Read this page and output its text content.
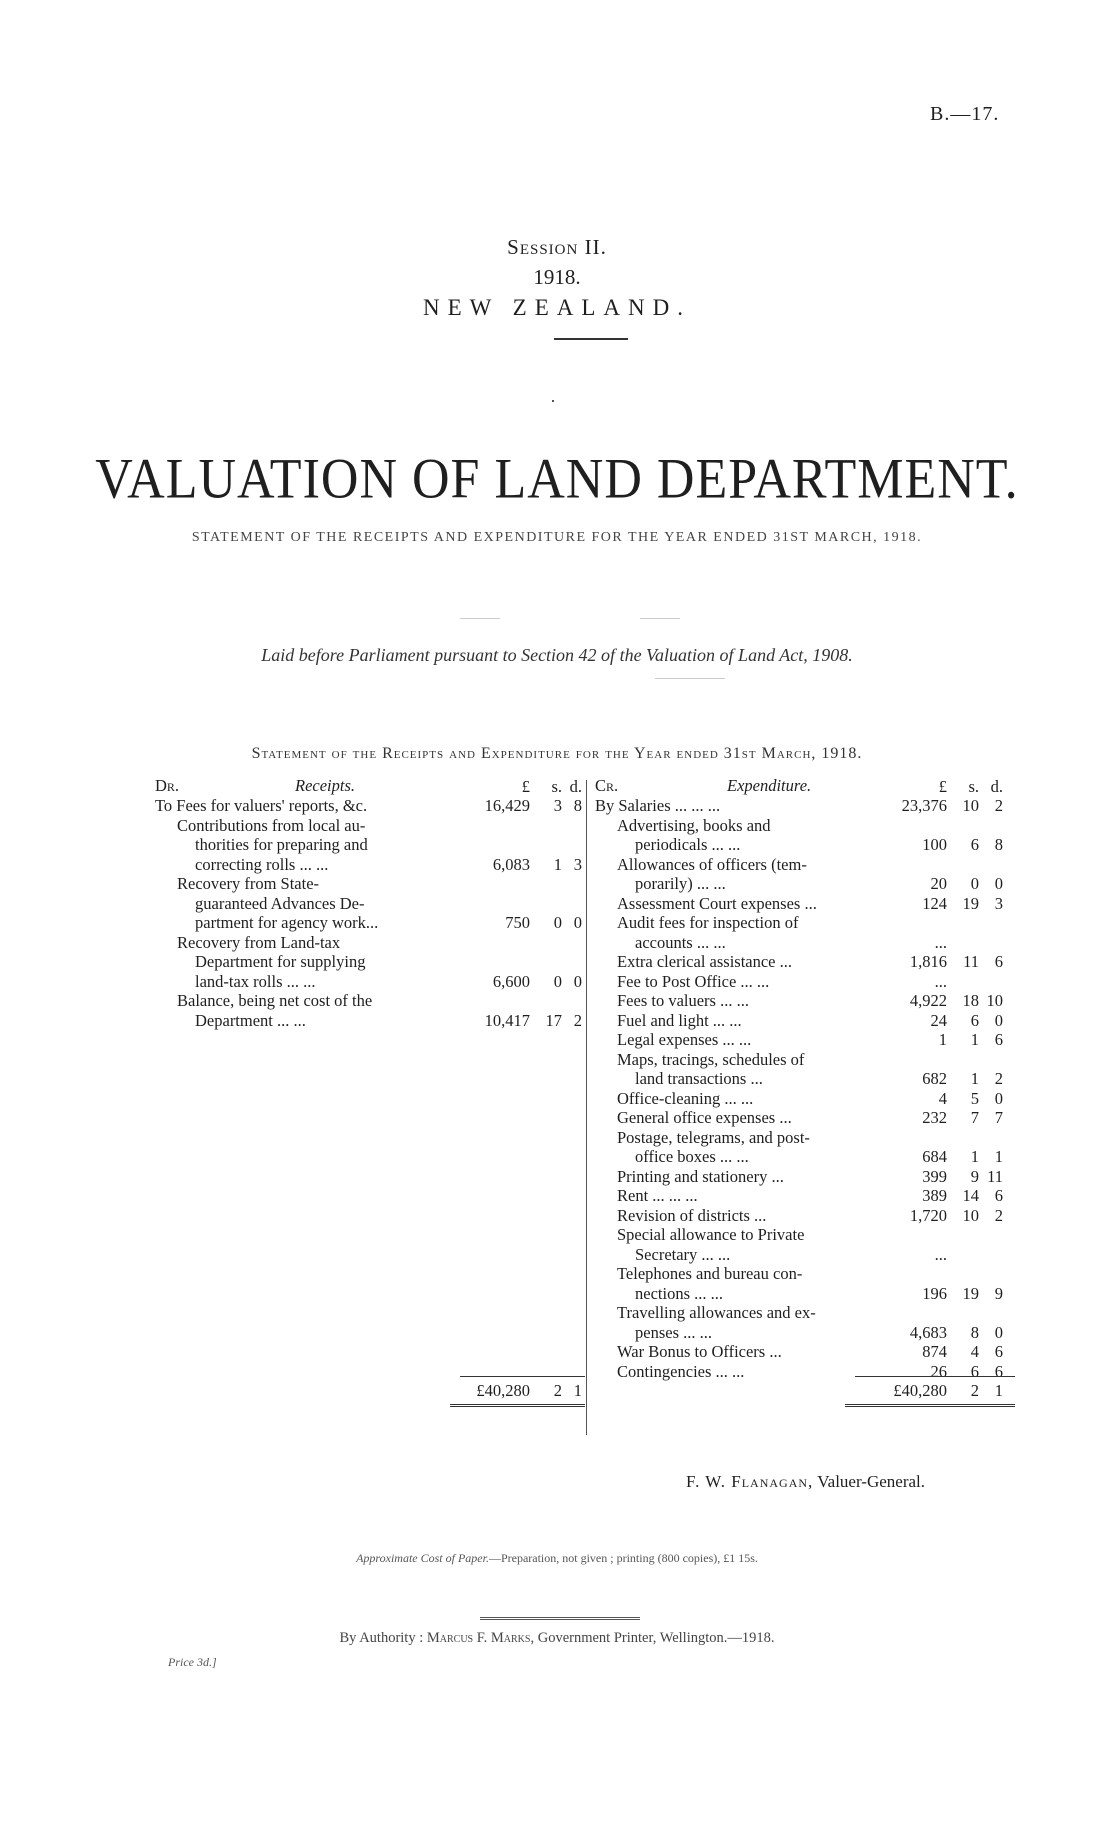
B.—17.
Session II.
1918.
NEW ZEALAND.
VALUATION OF LAND DEPARTMENT.
STATEMENT OF THE RECEIPTS AND EXPENDITURE FOR THE YEAR ENDED 31ST MARCH, 1918.
Laid before Parliament pursuant to Section 42 of the Valuation of Land Act, 1908.
Statement of the Receipts and Expenditure for the Year ended 31st March, 1918.
Dr.	Receipts.	£	s. d.
To Fees for valuers' reports, &c.	16,429	3 8
Contributions from local au-
thorities for preparing and
correcting rolls ... ...	6,083	1 3
Recovery from State-
guaranteed Advances De-
partment for agency work...	750	0 0
Recovery from Land-tax
Department for supplying
land-tax rolls ... ...	6,600	0 0
Balance, being net cost of the
Department ... ...	10,417 17 2
Cr.	Expenditure.	£	s. d.
By Salaries ... ... ...	23,376 10 2
Advertising, books and
periodicals ... ...	100	6 8
Allowances of officers (tem-
porarily) ... ...	20	0 0
Assessment Court expenses ...	124 19 3
Audit fees for inspection of
accounts ... ...	...
Extra clerical assistance ...	1,816 11 6
Fee to Post Office ... ...	...
Fees to valuers ... ...	4,922 18 10
Fuel and light ... ...	24	6 0
Legal expenses ... ...	1	1 6
Maps, tracings, schedules of
land transactions ...	682	1 2
Office-cleaning ... ...	4	5 0
General office expenses ...	232	7 7
Postage, telegrams, and post-
office boxes ... ...	684	1 1
Printing and stationery ...	399	9 11
Rent ... ... ...	389 14 6
Revision of districts ...	1,720 10 2
Special allowance to Private
Secretary ... ...	...
Telephones and bureau con-
nections ... ...	196 19 9
Travelling allowances and ex-
penses ... ...	4,683	8 0
War Bonus to Officers ...	874	4 6
Contingencies ... ...	26	6 6
£40,280	2 1	£40,280	2 1
F. W. Flanagan, Valuer-General.
Approximate Cost of Paper.—Preparation, not given ; printing (800 copies), £1 15s.
By Authority : Marcus F. Marks, Government Printer, Wellington.—1918.
Price 3d.]
